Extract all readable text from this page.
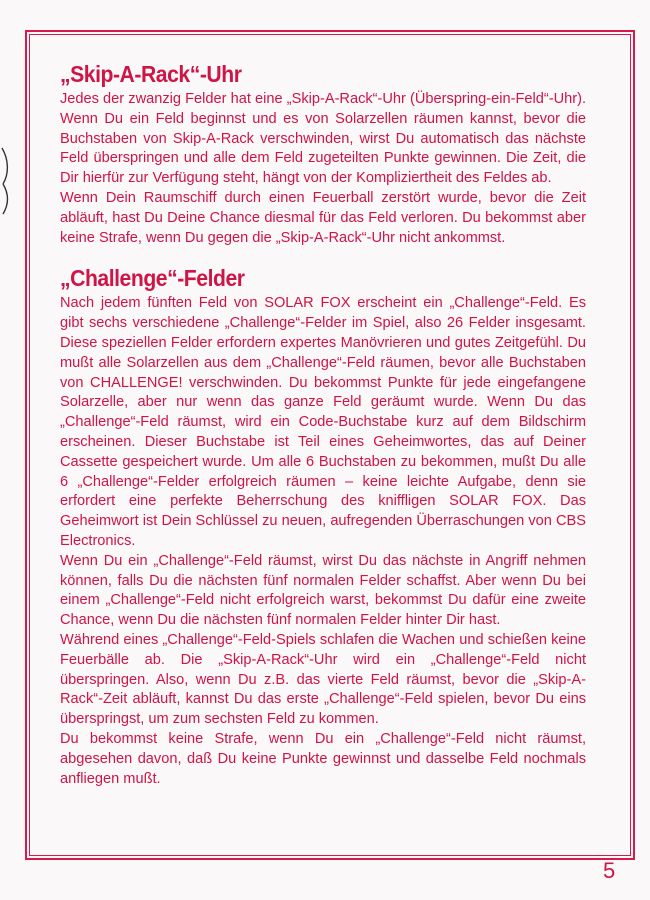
„Skip-A-Rack“-Uhr

Jedes der zwanzig Felder hat eine „Skip-A-Rack“-Uhr (Überspring-ein-Feld“-Uhr). Wenn Du ein Feld beginnst und es von Solarzellen räumen kannst, bevor die Buchstaben von Skip-A-Rack verschwinden, wirst Du automatisch das nächste Feld überspringen und alle dem Feld zugeteilten Punkte gewinnen. Die Zeit, die Dir hierfür zur Verfügung steht, hängt von der Kompliziertheit des Feldes ab.

Wenn Dein Raumschiff durch einen Feuerball zerstört wurde, bevor die Zeit abläuft, hast Du Deine Chance diesmal für das Feld verloren. Du bekommst aber keine Strafe, wenn Du gegen die „Skip-A-Rack“-Uhr nicht ankommst.

„Challenge“-Felder

Nach jedem fünften Feld von SOLAR FOX erscheint ein „Challenge“-Feld. Es gibt sechs verschiedene „Challenge“-Felder im Spiel, also 26 Felder insgesamt. Diese speziellen Felder erfordern expertes Manövrieren und gutes Zeitgefühl. Du mußt alle Solarzellen aus dem „Challenge“-Feld räumen, bevor alle Buchstaben von CHALLENGE! verschwinden. Du bekommst Punkte für jede eingefangene Solarzelle, aber nur wenn das ganze Feld geräumt wurde. Wenn Du das „Challenge“-Feld räumst, wird ein Code-Buchstabe kurz auf dem Bildschirm erscheinen. Dieser Buchstabe ist Teil eines Geheimwortes, das auf Deiner Cassette gespeichert wurde. Um alle 6 Buchstaben zu bekommen, mußt Du alle 6 „Challenge“-Felder erfolgreich räumen – keine leichte Aufgabe, denn sie erfordert eine perfekte Beherrschung des kniffligen SOLAR FOX. Das Geheimwort ist Dein Schlüssel zu neuen, aufregenden Überraschungen von CBS Electronics.

Wenn Du ein „Challenge“-Feld räumst, wirst Du das nächste in Angriff nehmen können, falls Du die nächsten fünf normalen Felder schaffst. Aber wenn Du bei einem „Challenge“-Feld nicht erfolgreich warst, bekommst Du dafür eine zweite Chance, wenn Du die nächsten fünf normalen Felder hinter Dir hast.

Während eines „Challenge“-Feld-Spiels schlafen die Wachen und schießen keine Feuerbälle ab. Die „Skip-A-Rack“-Uhr wird ein „Challenge“-Feld nicht überspringen. Also, wenn Du z.B. das vierte Feld räumst, bevor die „Skip-A-Rack“-Zeit abläuft, kannst Du das erste „Challenge“-Feld spielen, bevor Du eins überspringst, um zum sechsten Feld zu kommen.

Du bekommst keine Strafe, wenn Du ein „Challenge“-Feld nicht räumst, abgesehen davon, daß Du keine Punkte gewinnst und dasselbe Feld nochmals anfliegen mußt.

5
